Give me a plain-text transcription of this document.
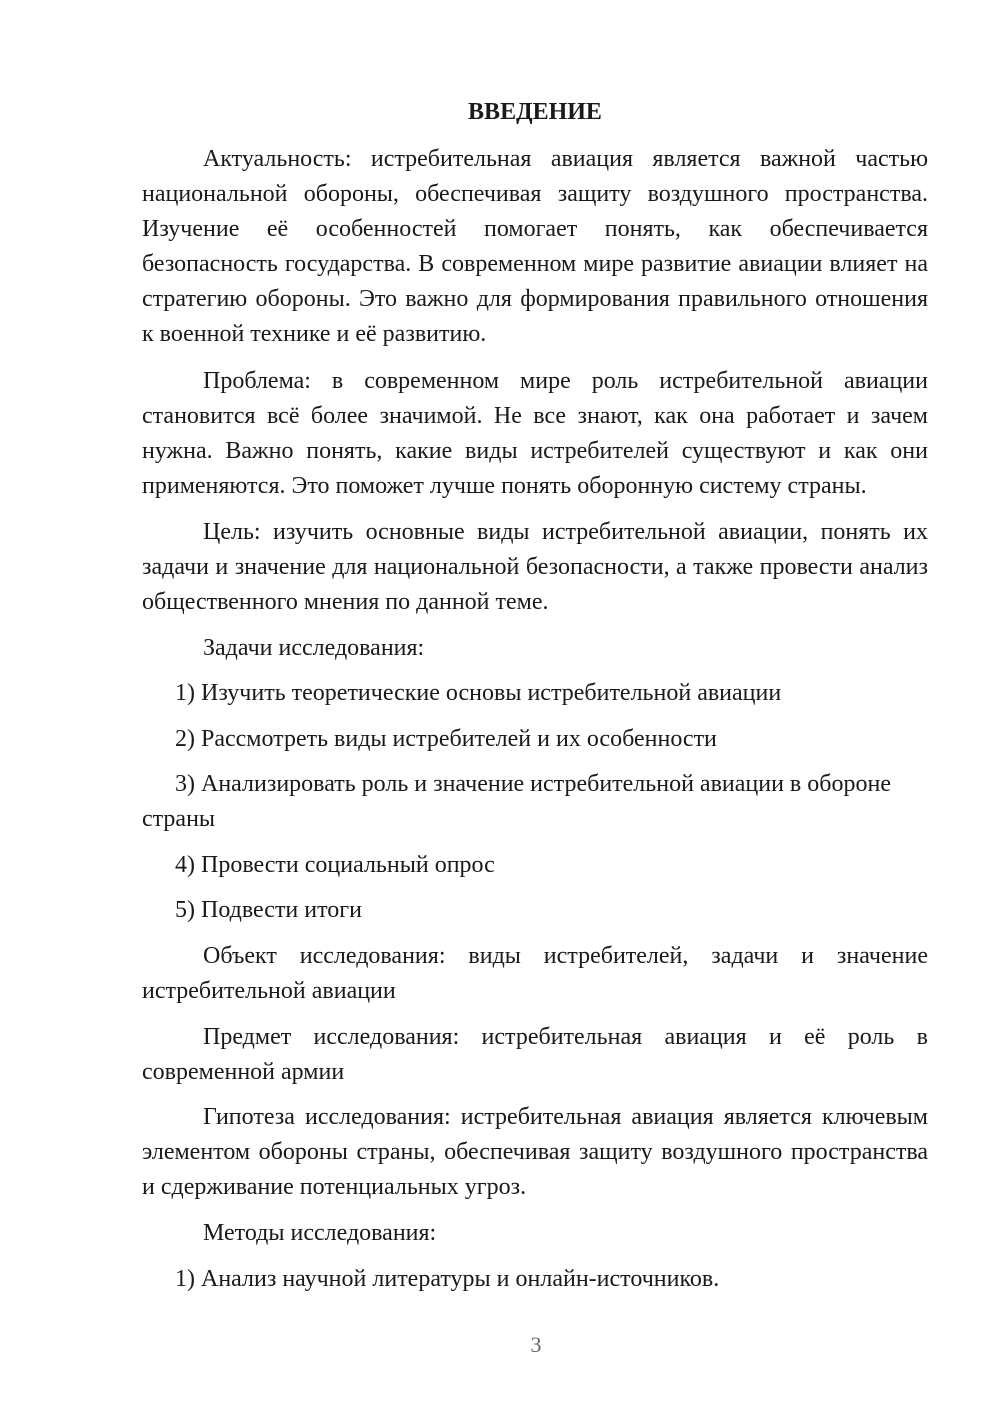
ВВЕДЕНИЕ

Актуальность: истребительная авиация является важной частью национальной обороны, обеспечивая защиту воздушного пространства. Изучение её особенностей помогает понять, как обеспечивается безопасность государства. В современном мире развитие авиации влияет на стратегию обороны. Это важно для формирования правильного отношения к военной технике и её развитию.

Проблема: в современном мире роль истребительной авиации становится всё более значимой. Не все знают, как она работает и зачем нужна. Важно понять, какие виды истребителей существуют и как они применяются. Это поможет лучше понять оборонную систему страны.

Цель: изучить основные виды истребительной авиации, понять их задачи и значение для национальной безопасности, а также провести анализ общественного мнения по данной теме.

Задачи исследования:

1) Изучить теоретические основы истребительной авиации

2) Рассмотреть виды истребителей и их особенности

3) Анализировать роль и значение истребительной авиации в обороне страны

4) Провести социальный опрос

5) Подвести итоги

Объект исследования: виды истребителей, задачи и значение истребительной авиации

Предмет исследования: истребительная авиация и её роль в современной армии

Гипотеза исследования: истребительная авиация является ключевым элементом обороны страны, обеспечивая защиту воздушного пространства и сдерживание потенциальных угроз.

Методы исследования:

1) Анализ научной литературы и онлайн-источников.

3
